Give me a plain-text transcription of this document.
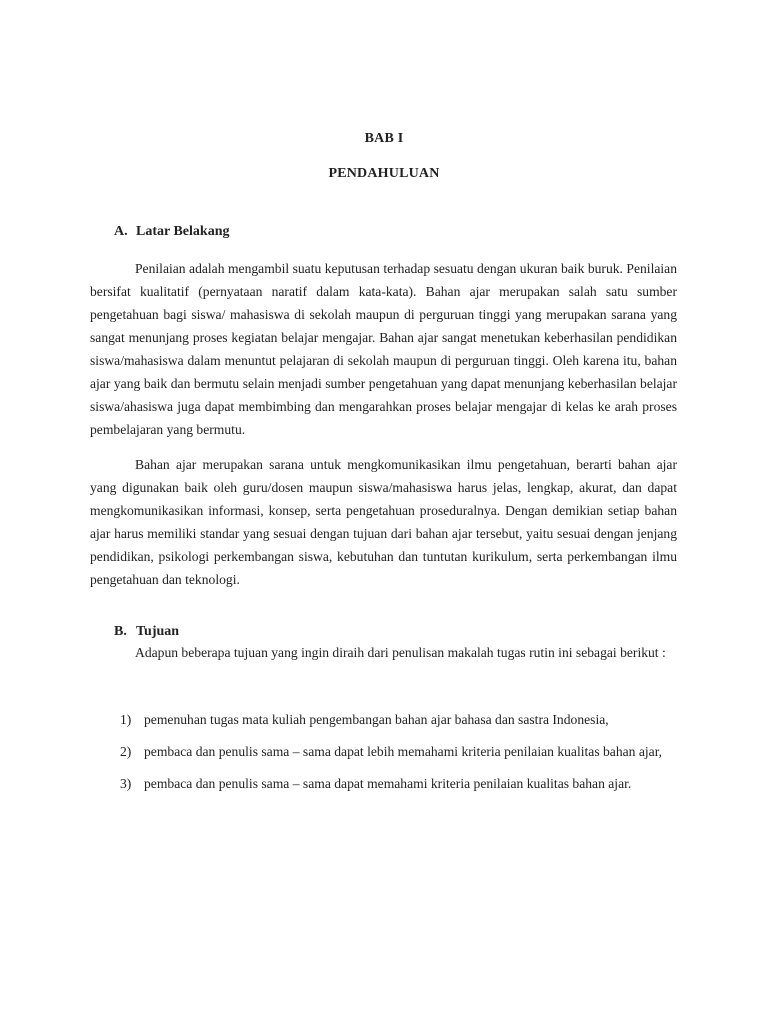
BAB I
PENDAHULUAN
A. Latar Belakang

Penilaian adalah mengambil suatu keputusan terhadap sesuatu dengan ukuran baik buruk. Penilaian bersifat kualitatif (pernyataan naratif dalam kata-kata). Bahan ajar merupakan salah satu sumber pengetahuan bagi siswa/ mahasiswa di sekolah maupun di perguruan tinggi yang merupakan sarana yang sangat menunjang proses kegiatan belajar mengajar. Bahan ajar sangat menetukan keberhasilan pendidikan siswa/mahasiswa dalam menuntut pelajaran di sekolah maupun di perguruan tinggi. Oleh karena itu, bahan ajar yang baik dan bermutu selain menjadi sumber pengetahuan yang dapat menunjang keberhasilan belajar siswa/ahasiswa juga dapat membimbing dan mengarahkan proses belajar mengajar di kelas ke arah proses pembelajaran yang bermutu.

Bahan ajar merupakan sarana untuk mengkomunikasikan ilmu pengetahuan, berarti bahan ajar yang digunakan baik oleh guru/dosen maupun siswa/mahasiswa harus jelas, lengkap, akurat, dan dapat mengkomunikasikan informasi, konsep, serta pengetahuan proseduralnya. Dengan demikian setiap bahan ajar harus memiliki standar yang sesuai dengan tujuan dari bahan ajar tersebut, yaitu sesuai dengan jenjang pendidikan, psikologi perkembangan siswa, kebutuhan dan tuntutan kurikulum, serta perkembangan ilmu pengetahuan dan teknologi.

B. Tujuan

Adapun beberapa tujuan yang ingin diraih dari penulisan makalah tugas rutin ini sebagai berikut :

1) pemenuhan tugas mata kuliah pengembangan bahan ajar bahasa dan sastra Indonesia,
2) pembaca dan penulis sama – sama dapat lebih memahami kriteria penilaian kualitas bahan ajar,
3) pembaca dan penulis sama – sama dapat memahami kriteria penilaian kualitas bahan ajar.
